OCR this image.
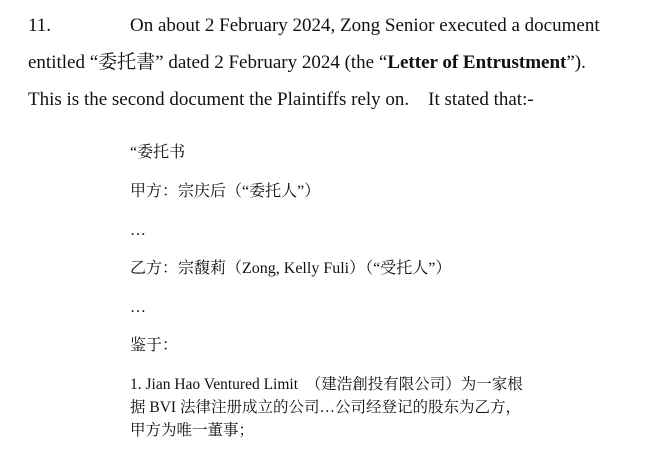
11.	On about 2 February 2024, Zong Senior executed a document
entitled “委托書” dated 2 February 2024 (the “Letter of Entrustment”).
This is the second document the Plaintiffs rely on.    It stated that:-
“委托书
甲方：宗庆后（“委托人”）
…
乙方：宗馥莉（Zong, Kelly Fuli）（“受托人”）
…
鉴于：
1. Jian Hao Ventured Limit  （建浩創投有限公司）为一家根
据 BVI 法律注册成立的公司…公司经登记的股东为乙方，
甲方为唯一董事；
